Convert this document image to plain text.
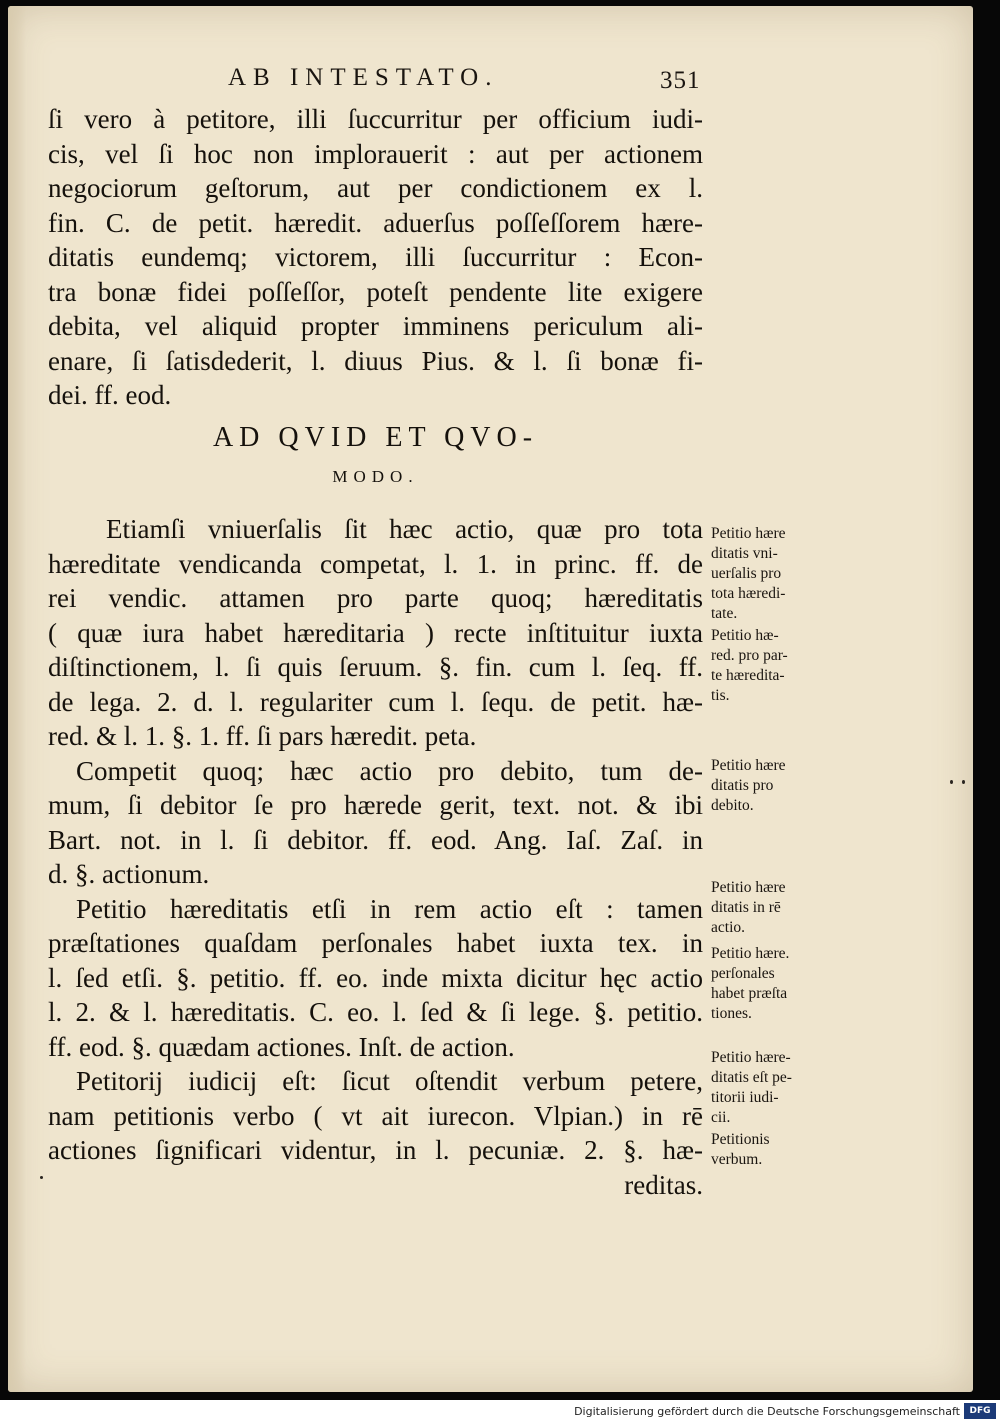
AB INTESTATO.	351
ſi vero à petitore, illi ſuccurritur per officium iudi-
cis, vel ſi hoc non implorauerit : aut per actionem
negociorum geſtorum, aut per condictionem ex l.
fin. C. de petit. hæredit. aduerſus poſſeſſorem hære-
ditatis eundemq; victorem, illi ſuccurritur : Econ-
tra bonæ fidei poſſeſſor, poteſt pendente lite exigere
debita, vel aliquid propter imminens periculum ali-
enare, ſi ſatisdederit, l. diuus Pius. & l. ſi bonæ fi-
dei. ff. eod.
AD QVID ET QVO-
MODO.
Etiamſi vniuerſalis ſit hæc actio, quæ pro tota
hæreditate vendicanda competat, l. 1. in princ. ff. de
rei vendic. attamen pro parte quoq; hæreditatis
( quæ iura habet hæreditaria ) recte inſtituitur iuxta
diſtinctionem, l. ſi quis ſeruum. §. fin. cum l. ſeq. ff.
de lega. 2. d. l. regulariter cum l. ſequ. de petit. hæ-
red. & l. 1. §. 1. ff. ſi pars hæredit. peta.
Competit quoq; hæc actio pro debito, tum de-
mum, ſi debitor ſe pro hærede gerit, text. not. & ibi
Bart. not. in l. ſi debitor. ff. eod. Ang. Iaſ. Zaſ. in
d. §. actionum.
Petitio hæreditatis etſi in rem actio eſt : tamen
præſtationes quaſdam perſonales habet iuxta tex. in
l. ſed etſi. §. petitio. ff. eo. inde mixta dicitur hęc actio
l. 2. & l. hæreditatis. C. eo. l. ſed & ſi lege. §. petitio.
ff. eod. §. quædam actiones. Inſt. de action.
Petitorij iudicij eſt: ſicut oſtendit verbum petere,
nam petitionis verbo ( vt ait iurecon. Vlpian.) in rē
actiones ſignificari videntur, in l. pecuniæ. 2. §. hæ-
reditas.
Petitio hære
ditatis vni-
uerſalis pro
tota hæredi-
tate.
Petitio hæ-
red. pro par-
te hæredita-
tis.
Petitio hære
ditatis pro
debito.
Petitio hære
ditatis in rē
actio.
Petitio hære.
perſonales
habet præſta
tiones.
Petitio hære-
ditatis eſt pe-
titorii iudi-
cii.
Petitionis
verbum.
Digitalisierung gefördert durch die Deutsche Forschungsgemeinschaft	DFG
